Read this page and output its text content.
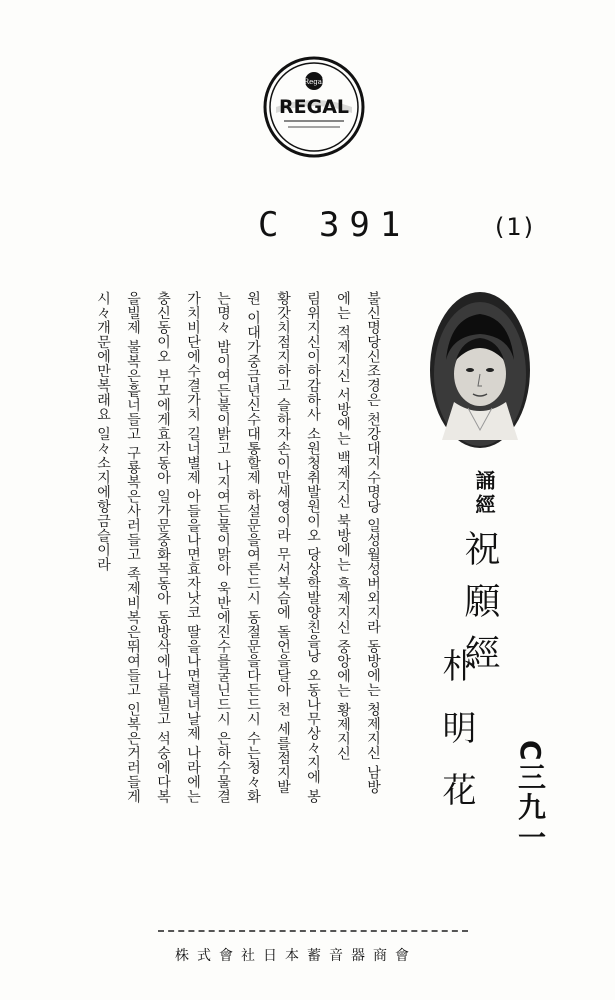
Regal
REGAL
C 391	(1)
불신명당신조경은 천강대지수명당 일성월성버외지라 동방에는 청제지신 남방
에는 적제지신 서방에는 백제지신 북방에는 흑제지신 중앙에는 황제지신
림위지신이하감하사 소원청취발원이오 당상학발양친을낭 오동나무상々지에 봉
황갓치점지하고 슬하자손이만세영이라 무서복슴에 돌언을달아 천 세를점지발
원 이대가중금년신수대통할제 하설문을여른드시 동절문을다든드시 수는청々화
는명々 밤이여든불이밝고 나지여든물이맑아 욱반에진수를굴닌드시 은하수물결
가치비단에수결가치 길너별제 아들을나면효자낫코 딸을나면렬녀날제 나라에는
충신동이오 부모에게효자동아 일가문중화목동아 동방삭에나를빌고 석숭에다복
을빌제 불복은흩너들고 구룡복은사러들고 족제비복은뛰여들고 인복은거러들게
시々개문에만복래요 일々소지에항금슬이라	誦經
祝願經
朴明花 C三九一
株式會社日本蓄音器商會
